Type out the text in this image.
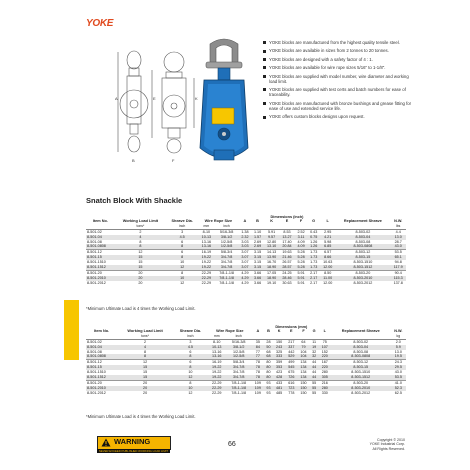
YOKE
A	E	K
B	F
YOKE blocks are manufactured from the highest quality tensile steel.
YOKE blocks are available in sizes from 2 tonnes to 20 tonnes.
YOKE blocks are designed with a safety factor of 4 : 1.
YOKE blocks are available for wire rope sizes 5/16" to 1-1/8".
YOKE blocks are supplied with model number, wire diameter and working load limit.
YOKE blocks are supplied with test certs and batch numbers for ease of traceability.
YOKE blocks are manufactured with bronze bushings and grease fitting for ease of use and extended service life.
YOKE offers custom blocks designs upon request.
Snatch Block With Shackle
Item No.	Working Load Limit	Sheave Dia.	Wire Rope Size		Dimensions (inch)							Replacement Sheave	N.W.
					A	B	K	E	F	G	L		
	tons*	inch	mm	inch									lbs
8-501-02	2	3	8-10	5/16-3/8	1.38	1.10	5.91	8.53	2.52	0.43	2.95	8-503-02	4.4
8-501-04	4	4.5	10-13	3/8-1/2	2.32	1.57	9.57	13.27	3.11	0.75	4.21	8-503-04	13.0
8-501-08	8	6	13-16	1/2-5/8	3.03	2.69	12.80	17.40	4.09	1.26	5.98	8-503-08	28.7
8-501-0808	8	8	13-16	1/2-5/8	3.03	2.69	13.10	20.84	4.09	1.26	6.85	8-503-0808	43.0
8-501-12	12	6	16-19	5/8-3/4	3.07	3.15	14.13	19.63	5.28	1.73	6.57	8-503-12	53.5
8-501-15	15	8	19-22	3/4-7/8	3.07	3.15	13.90	21.46	5.28	1.73	8.66	8-503-15	65.1
8-501-1510	15	10	19-22	3/4-7/8	3.07	3.15	16.70	26.57	5.28	1.73	10.63	8-503-1510	94.8
8-501-1512	15	12	19-22	3/4-7/8	3.07	3.15	18.90	28.57	5.28	1.73	12.00	8-503-1512	117.9
8-501-20	20	8	22-29	7/8-1-1/8	4.29	3.66	17.05	24.25	5.91	2.17	8.50	8-503-20	90.4
8-501-2010	20	10	22-29	7/8-1-1/8	4.29	3.66	18.90	28.46	5.91	2.17	11.00	8-503-2010	115.3
8-501-2012	20	12	22-29	7/8-1-1/8	4.29	3.66	19.10	30.63	5.91	2.17	12.00	8-503-2012	137.8
*Minimum Ultimate Load is 4 times the Working Load Limit.
Item No.	Working Load Limit	Sheave Dia.	Wire Rope Size		Dimensions (mm)							Replacement Sheave	N.W.
					A	B	K	E	F	G	L		
	tons*	inch	mm	inch									kg
8-501-02	2	3	8-10	5/16-3/8	35	28	150	217	64	11	75	8-503-02	2.0
8-501-04	4	4.5	10-13	3/8-1/2	84	50	243	337	79	19	107	8-503-04	5.9
8-501-08	8	6	13-16	1/2-5/8	77	68	325	442	104	32	152	8-503-08	13.0
8-501-0808	8	8	13-16	1/2-5/8	77	68	333	529	104	32	220	8-503-0808	19.5
8-501-12	12	6	16-19	5/8-3/4	78	80	359	499	134	44	167	8-503-12	24.3
8-501-15	15	8	19-22	3/4-7/8	78	80	353	545	134	44	220	8-503-15	29.5
8-501-1510	15	10	19-22	3/4-7/8	78	80	423	675	134	44	280	8-503-1510	43.0
8-501-1512	15	12	19-22	3/4-7/8	78	80	428	726	134	44	305	8-503-1512	53.5
8-501-20	20	8	22-29	7/8-1-1/8	109	93	433	616	150	55	216	8-503-20	41.0
8-501-2010	20	10	22-29	7/8-1-1/8	109	93	481	723	150	55	280	8-503-2010	52.3
8-501-2012	20	12	22-29	7/8-1-1/8	109	93	485	778	150	55	330	8-503-2012	62.5
*Minimum Ultimate Load is 4 times the Working Load Limit.
WARNING
NEVER EXCEED PUBLISHED WORKING LOAD LIMIT
66
Copyright © 2010
YOKE Industrial Corp.
All Rights Reserved.
